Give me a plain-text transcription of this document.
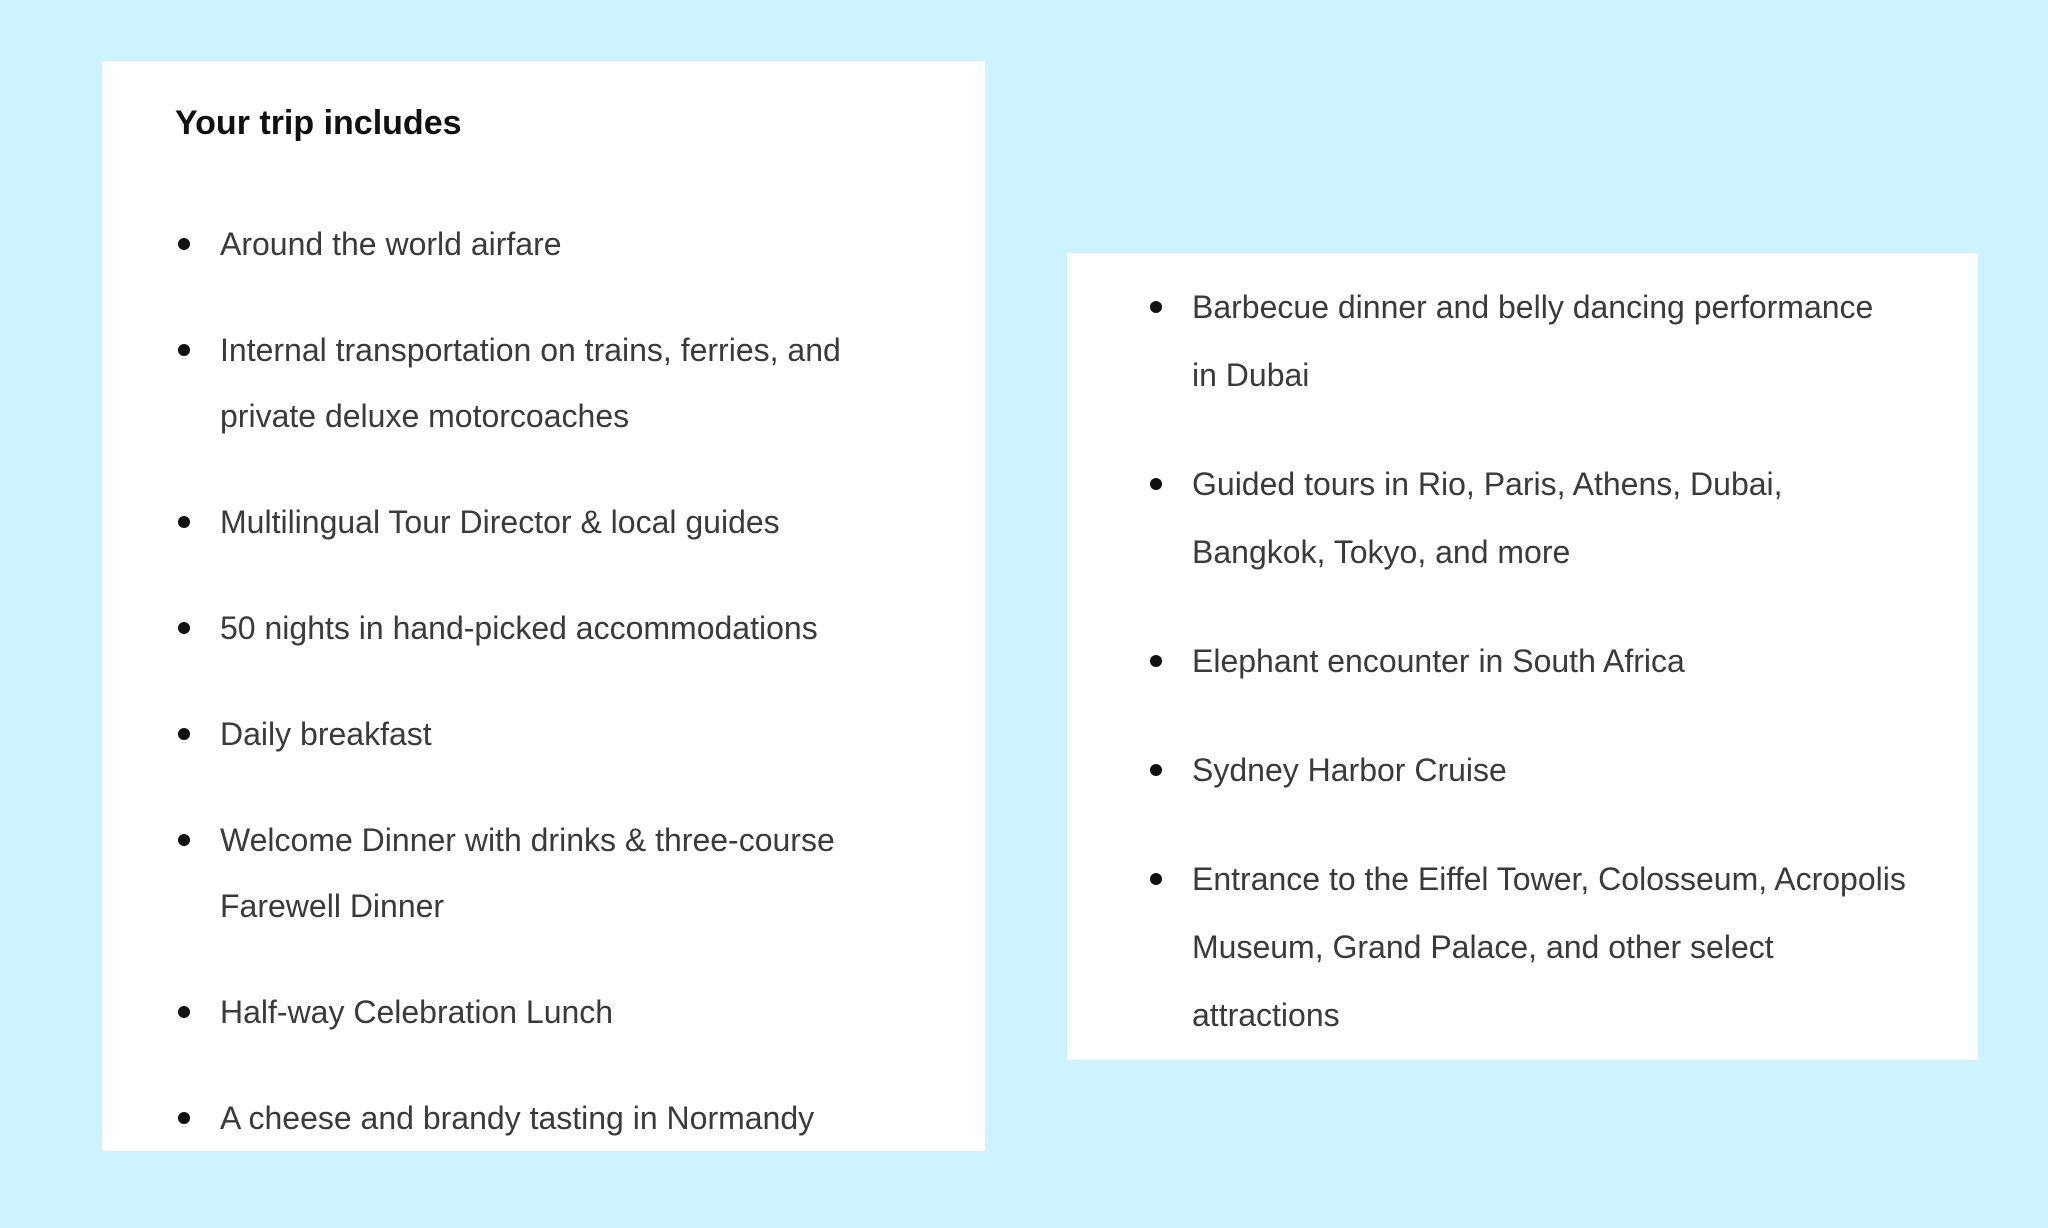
Your trip includes
Around the world airfare
Internal transportation on trains, ferries, and private deluxe motorcoaches
Multilingual Tour Director & local guides
50 nights in hand-picked accommodations
Daily breakfast
Welcome Dinner with drinks & three-course Farewell Dinner
Half-way Celebration Lunch
A cheese and brandy tasting in Normandy
Barbecue dinner and belly dancing performance in Dubai
Guided tours in Rio, Paris, Athens, Dubai, Bangkok, Tokyo, and more
Elephant encounter in South Africa
Sydney Harbor Cruise
Entrance to the Eiffel Tower, Colosseum, Acropolis Museum, Grand Palace, and other select attractions
